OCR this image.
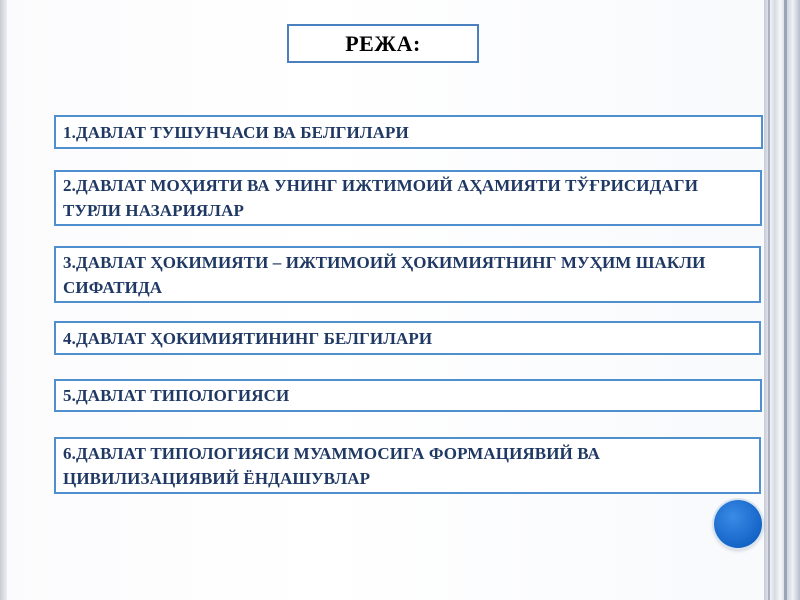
РЕЖА:
1.ДАВЛАТ ТУШУНЧАСИ ВА БЕЛГИЛАРИ
2.ДАВЛАТ МОҲИЯТИ ВА УНИНГ ИЖТИМОИЙ АҲАМИЯТИ ТЎҒРИСИДАГИ ТУРЛИ НАЗАРИЯЛАР
3.ДАВЛАТ ҲОКИМИЯТИ – ИЖТИМОИЙ ҲОКИМИЯТНИНГ МУҲИМ ШАКЛИ СИФАТИДА
4.ДАВЛАТ ҲОКИМИЯТИНИНГ БЕЛГИЛАРИ
5.ДАВЛАТ ТИПОЛОГИЯСИ
6.ДАВЛАТ ТИПОЛОГИЯСИ МУАММОСИГА ФОРМАЦИЯВИЙ ВА ЦИВИЛИЗАЦИЯВИЙ ЁНДАШУВЛАР
